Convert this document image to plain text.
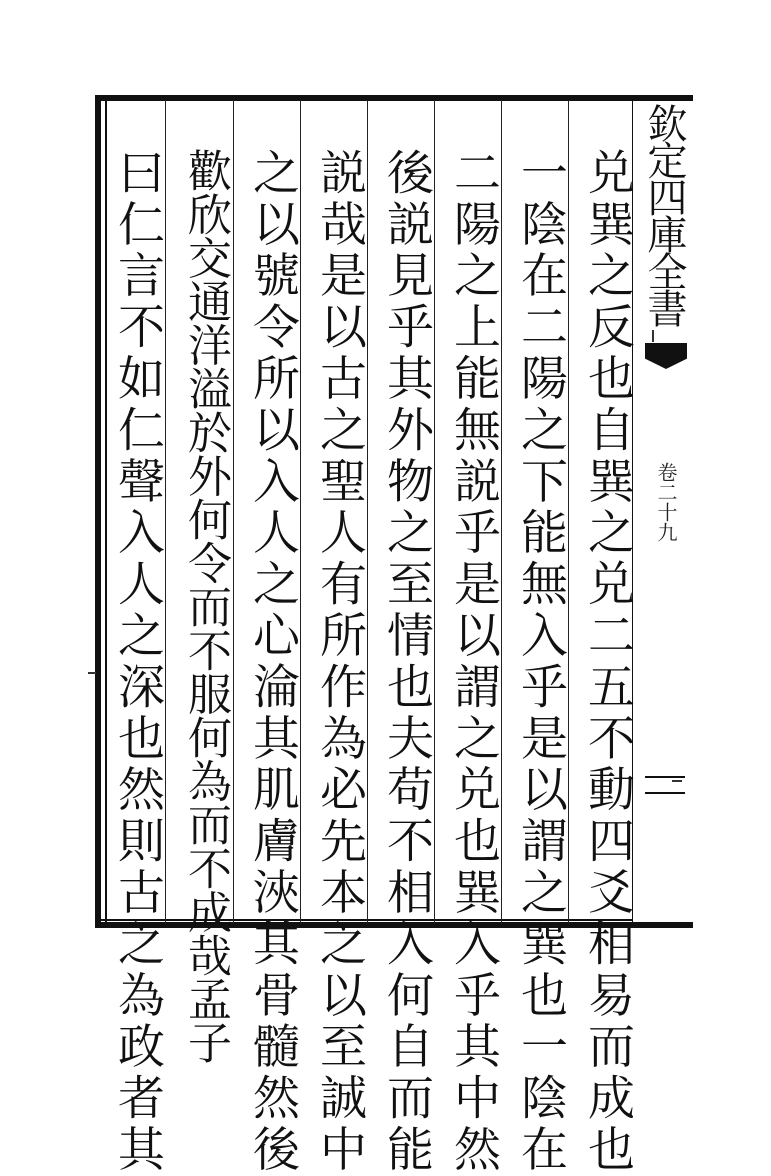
兑巽之反也自巽之兑二五不動四爻相易而成也
一陰在二陽之下能無入乎是以謂之巽也一陰在
二陽之上能無説乎是以謂之兑也巽入乎其中然
後説見乎其外物之至情也夫苟不相入何自而能
説哉是以古之聖人有所作為必先本之以至誠中
之以號令所以入人之心淪其肌膚浹其骨髓然後
歡欣交通洋溢於外何令而不服何為而不成哉孟子
曰仁言不如仁聲入人之深也然則古之為政者其	欽定四庫全書
卷二十九
